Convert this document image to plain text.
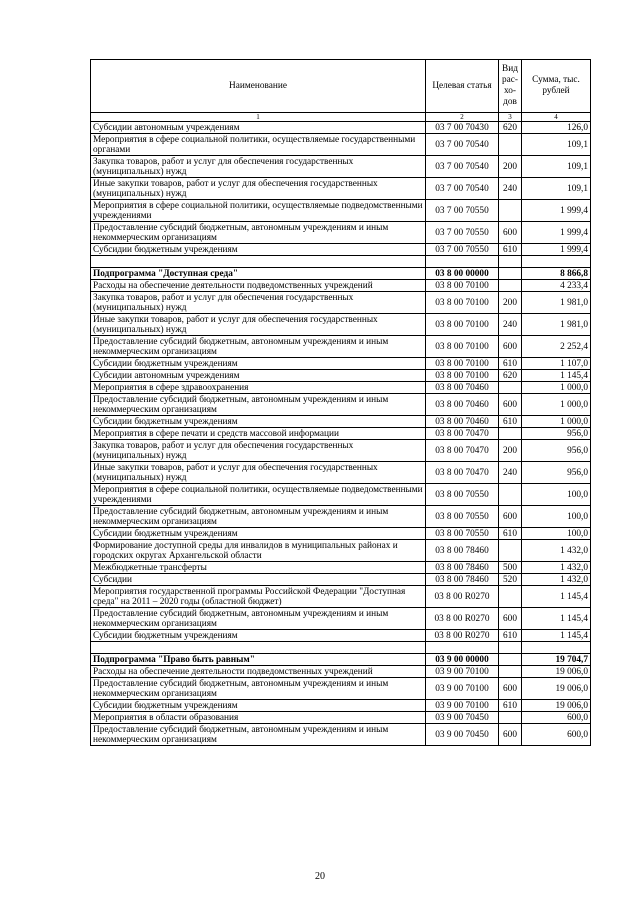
Наименование	Целевая статья	Вид рас-хо-дов	Сумма, тыс. рублей
1	2	3	4
Субсидии автономным учреждениям	03 7 00 70430	620	126,0
Мероприятия в сфере социальной политики, осуществляемые государственными органами	03 7 00 70540		109,1
Закупка товаров, работ и услуг для обеспечения государственных (муниципальных) нужд	03 7 00 70540	200	109,1
Иные закупки товаров, работ и услуг для обеспечения государственных (муниципальных) нужд	03 7 00 70540	240	109,1
Мероприятия в сфере социальной политики, осуществляемые подведомственными учреждениями	03 7 00 70550		1 999,4
Предоставление субсидий бюджетным, автономным учреждениям и иным некоммерческим организациям	03 7 00 70550	600	1 999,4
Субсидии бюджетным учреждениям	03 7 00 70550	610	1 999,4

Подпрограмма "Доступная среда"	03 8 00 00000		8 866,8
Расходы на обеспечение деятельности подведомственных учреждений	03 8 00 70100		4 233,4
Закупка товаров, работ и услуг для обеспечения государственных (муниципальных) нужд	03 8 00 70100	200	1 981,0
Иные закупки товаров, работ и услуг для обеспечения государственных (муниципальных) нужд	03 8 00 70100	240	1 981,0
Предоставление субсидий бюджетным, автономным учреждениям и иным некоммерческим организациям	03 8 00 70100	600	2 252,4
Субсидии бюджетным учреждениям	03 8 00 70100	610	1 107,0
Субсидии автономным учреждениям	03 8 00 70100	620	1 145,4
Мероприятия в сфере здравоохранения	03 8 00 70460		1 000,0
Предоставление субсидий бюджетным, автономным учреждениям и иным некоммерческим организациям	03 8 00 70460	600	1 000,0
Субсидии бюджетным учреждениям	03 8 00 70460	610	1 000,0
Мероприятия в сфере печати и средств массовой информации	03 8 00 70470		956,0
Закупка товаров, работ и услуг для обеспечения государственных (муниципальных) нужд	03 8 00 70470	200	956,0
Иные закупки товаров, работ и услуг для обеспечения государственных (муниципальных) нужд	03 8 00 70470	240	956,0
Мероприятия в сфере социальной политики, осуществляемые подведомственными учреждениями	03 8 00 70550		100,0
Предоставление субсидий бюджетным, автономным учреждениям и иным некоммерческим организациям	03 8 00 70550	600	100,0
Субсидии бюджетным учреждениям	03 8 00 70550	610	100,0
Формирование доступной среды для инвалидов в муниципальных районах и городских округах Архангельской области	03 8 00 78460		1 432,0
Межбюджетные трансферты	03 8 00 78460	500	1 432,0
Субсидии	03 8 00 78460	520	1 432,0
Мероприятия государственной программы Российской Федерации "Доступная среда" на 2011 – 2020 годы (областной бюджет)	03 8 00 R0270		1 145,4
Предоставление субсидий бюджетным, автономным учреждениям и иным некоммерческим организациям	03 8 00 R0270	600	1 145,4
Субсидии бюджетным учреждениям	03 8 00 R0270	610	1 145,4

Подпрограмма "Право быть равным"	03 9 00 00000		19 704,7
Расходы на обеспечение деятельности подведомственных учреждений	03 9 00 70100		19 006,0
Предоставление субсидий бюджетным, автономным учреждениям и иным некоммерческим организациям	03 9 00 70100	600	19 006,0
Субсидии бюджетным учреждениям	03 9 00 70100	610	19 006,0
Мероприятия в области образования	03 9 00 70450		600,0
Предоставление субсидий бюджетным, автономным учреждениям и иным некоммерческим организациям	03 9 00 70450	600	600,0
20
